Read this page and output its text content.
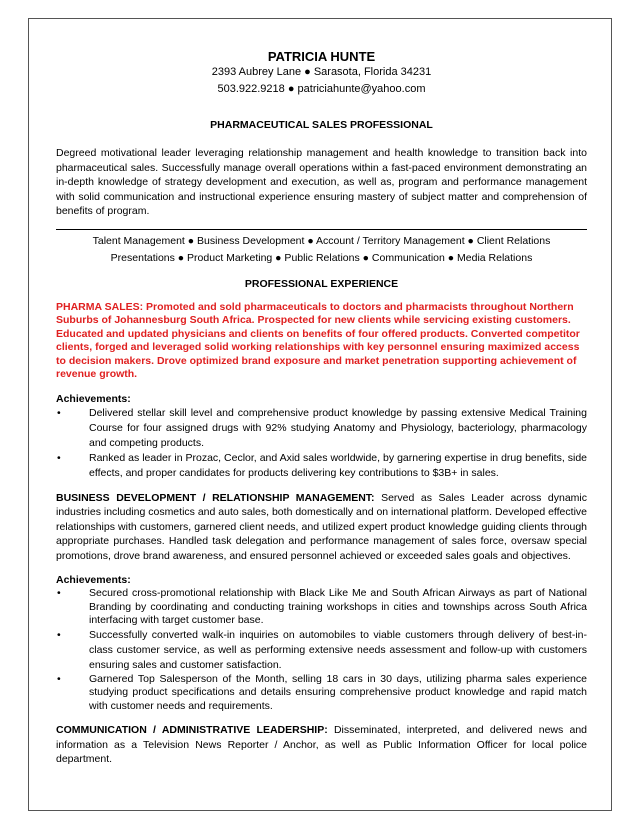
PATRICIA HUNTE
2393 Aubrey Lane ● Sarasota, Florida 34231
503.922.9218 ● patriciahunte@yahoo.com
PHARMACEUTICAL SALES PROFESSIONAL
Degreed motivational leader leveraging relationship management and health knowledge to transition back into pharmaceutical sales. Successfully manage overall operations within a fast-paced environment demonstrating an in-depth knowledge of strategy development and execution, as well as, program and performance management with solid communication and instructional experience ensuring mastery of subject matter and comprehension of benefits of program.
Talent Management ● Business Development ● Account / Territory Management ● Client Relations
Presentations ● Product Marketing ● Public Relations ● Communication ● Media Relations
PROFESSIONAL EXPERIENCE
PHARMA SALES: Promoted and sold pharmaceuticals to doctors and pharmacists throughout Northern Suburbs of Johannesburg South Africa. Prospected for new clients while servicing existing customers. Educated and updated physicians and clients on benefits of four offered products. Converted competitor clients, forged and leveraged solid working relationships with key personnel ensuring maximized access to decision makers. Drove optimized brand exposure and market penetration supporting achievement of revenue growth.
Achievements:
•	Delivered stellar skill level and comprehensive product knowledge by passing extensive Medical Training Course for four assigned drugs with 92% studying Anatomy and Physiology, bacteriology, pharmacology and competing products.
•	Ranked as leader in Prozac, Ceclor, and Axid sales worldwide, by garnering expertise in drug benefits, side effects, and proper candidates for products delivering key contributions to $3B+ in sales.
BUSINESS DEVELOPMENT / RELATIONSHIP MANAGEMENT: Served as Sales Leader across dynamic industries including cosmetics and auto sales, both domestically and on international platform. Developed effective relationships with customers, garnered client needs, and utilized expert product knowledge guiding clients through appropriate purchases. Handled task delegation and performance management of sales force, oversaw special promotions, drove brand awareness, and ensured personnel achieved or exceeded sales goals and objectives.
Achievements:
•	Secured cross-promotional relationship with Black Like Me and South African Airways as part of National Branding by coordinating and conducting training workshops in cities and townships across South Africa interfacing with target customer base.
•	Successfully converted walk-in inquiries on automobiles to viable customers through delivery of best-in-class customer service, as well as performing extensive needs assessment and follow-up with customers ensuring sales and customer satisfaction.
•	Garnered Top Salesperson of the Month, selling 18 cars in 30 days, utilizing pharma sales experience studying product specifications and details ensuring comprehensive product knowledge and rapid match with customer needs and requirements.
COMMUNICATION / ADMINISTRATIVE LEADERSHIP: Disseminated, interpreted, and delivered news and information as a Television News Reporter / Anchor, as well as Public Information Officer for local police department.
